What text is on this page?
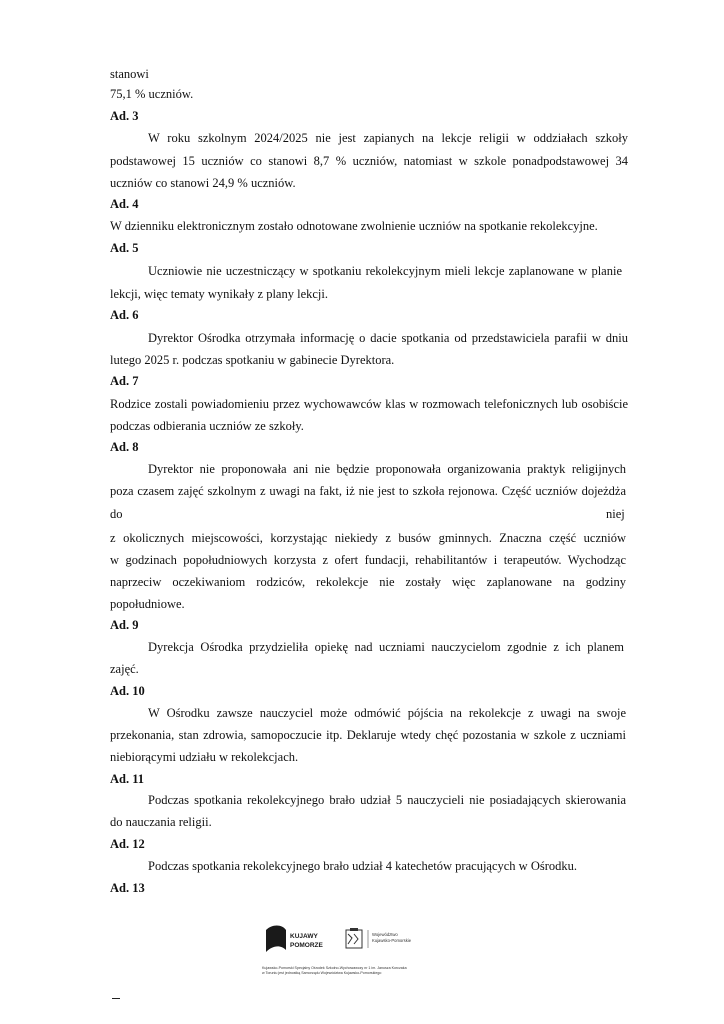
stanowi
75,1 % uczniów.
Ad. 3
W roku szkolnym 2024/2025 nie jest zapianych na lekcje religii w oddziałach szkoły
podstawowej 15 uczniów co stanowi 8,7 % uczniów, natomiast w szkole ponadpodstawowej 34
uczniów co stanowi 24,9 % uczniów.
Ad. 4
W dzienniku elektronicznym zostało odnotowane zwolnienie uczniów na spotkanie rekolekcyjne.
Ad. 5
Uczniowie nie uczestniczący w spotkaniu rekolekcyjnym mieli lekcje zaplanowane w planie
lekcji, więc tematy wynikały z plany lekcji.
Ad. 6
Dyrektor Ośrodka otrzymała informację o dacie spotkania od przedstawiciela parafii w dniu
lutego 2025 r. podczas spotkaniu w gabinecie Dyrektora.
Ad. 7
Rodzice zostali powiadomieniu przez wychowawców klas w rozmowach telefonicznych lub osobiście
podczas odbierania uczniów ze szkoły.
Ad. 8
Dyrektor nie proponowała ani nie będzie proponowała organizowania praktyk religijnych
poza czasem zajęć szkolnym z uwagi na fakt, iż nie jest to szkoła rejonowa. Część uczniów dojeżdża
do	niej
z okolicznych miejscowości, korzystając niekiedy z busów gminnych. Znaczna część uczniów
w godzinach popołudniowych korzysta z ofert fundacji, rehabilitantów i terapeutów. Wychodząc
naprzeciw oczekiwaniom rodziców, rekolekcje nie zostały więc zaplanowane na godziny
popołudniowe.
Ad. 9
Dyrekcja Ośrodka przydzieliła opiekę nad uczniami nauczycielom zgodnie z ich planem
zajęć.
Ad. 10
W Ośrodku zawsze nauczyciel może odmówić pójścia na rekolekcje z uwagi na swoje
przekonania, stan zdrowia, samopoczucie itp. Deklaruje wtedy chęć pozostania w szkole z uczniami
niebiorącymi udziału w rekolekcjach.
Ad. 11
Podczas spotkania rekolekcyjnego brało udział 5 nauczycieli nie posiadających skierowania
do nauczania religii.
Ad. 12
Podczas spotkania rekolekcyjnego brało udział 4 katechetów pracujących w Ośrodku.
Ad. 13
KUJAWY
POMORZE
Województwo
Kujawsko-Pomorskie
Kujawsko-Pomorski Specjalny Ośrodek Szkolno-Wychowawczy nr 1 im. Janusza Korczaka
w Toruniu jest jednostką Samorządu Województwa Kujawsko-Pomorskiego
